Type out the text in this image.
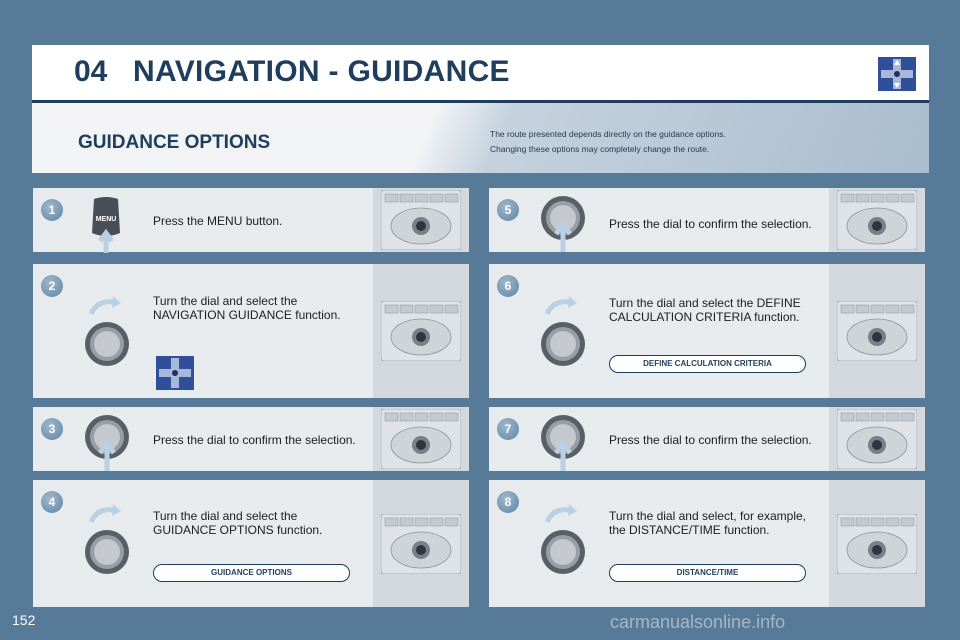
04 NAVIGATION - GUIDANCE
GUIDANCE OPTIONS	The route presented depends directly on the guidance options.
Changing these options may completely change the route.
1
MENU	Press the MENU button.
2
Turn the dial and select the
NAVIGATION GUIDANCE function.
3
Press the dial to confirm the selection.
4
Turn the dial and select the
GUIDANCE OPTIONS function.
GUIDANCE OPTIONS
5
Press the dial to confirm the selection.
6
Turn the dial and select the DEFINE
CALCULATION CRITERIA function.
DEFINE CALCULATION CRITERIA
7
Press the dial to confirm the selection.
8
Turn the dial and select, for example,
the DISTANCE/TIME function.
DISTANCE/TIME
152	carmanualsonline.info
